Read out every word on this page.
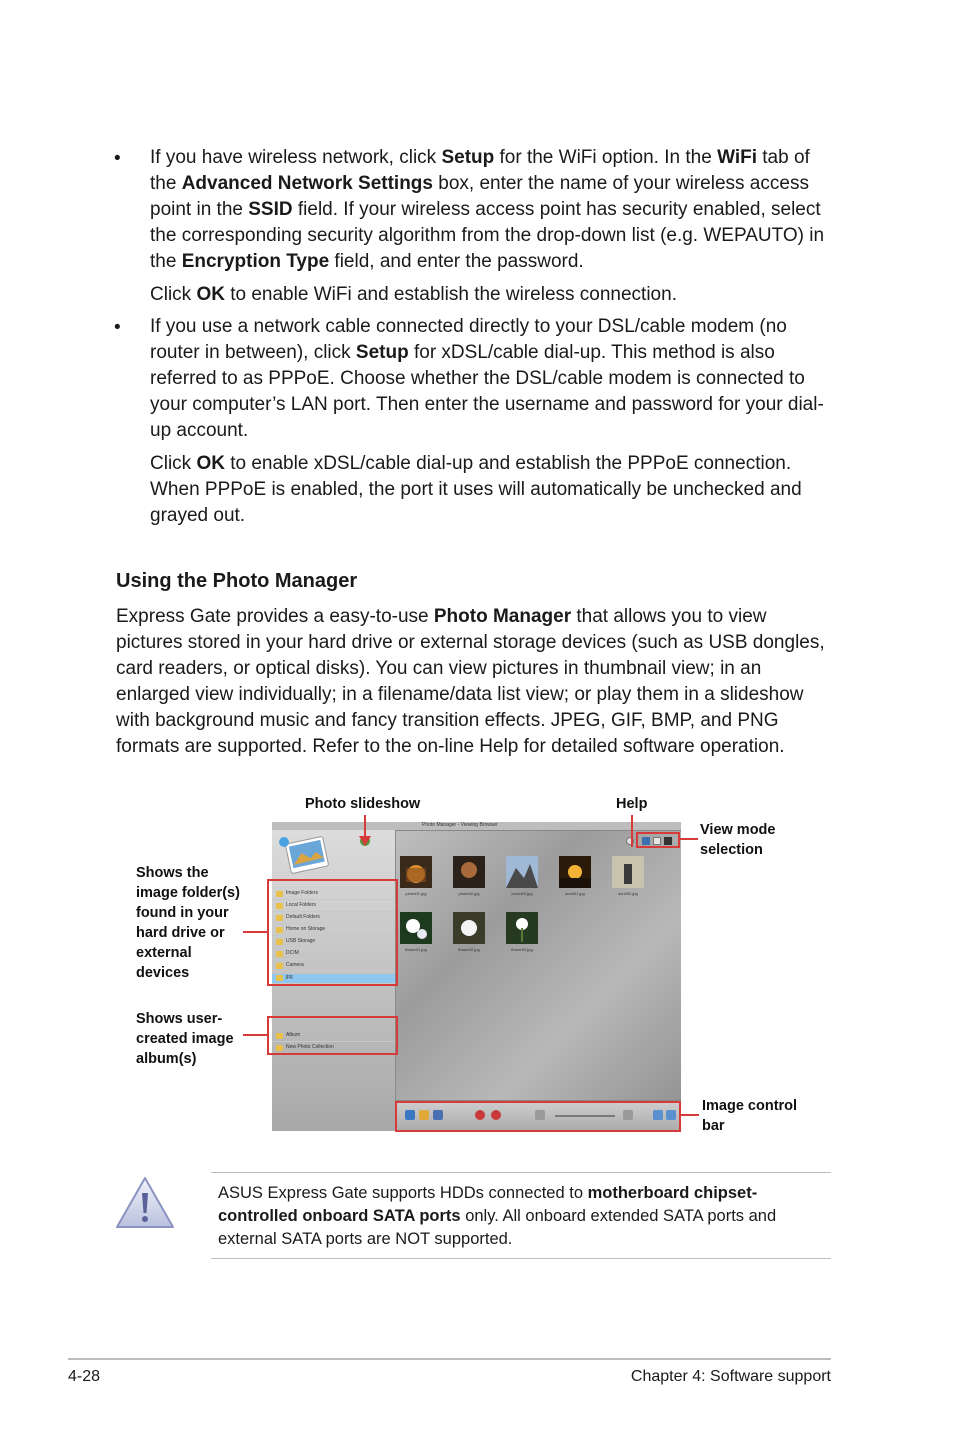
• If you have wireless network, click Setup for the WiFi option. In the WiFi tab of the Advanced Network Settings box, enter the name of your wireless access point in the SSID field. If your wireless access point has security enabled, select the corresponding security algorithm from the drop-down list (e.g. WEPAUTO) in the Encryption Type field, and enter the password.
Click OK to enable WiFi and establish the wireless connection.
• If you use a network cable connected directly to your DSL/cable modem (no router in between), click Setup for xDSL/cable dial-up. This method is also referred to as PPPoE. Choose whether the DSL/cable modem is connected to your computer’s LAN port. Then enter the username and password for your dial-up account.
Click OK to enable xDSL/cable dial-up and establish the PPPoE connection. When PPPoE is enabled, the port it uses will automatically be unchecked and grayed out.
Using the Photo Manager
Express Gate provides a easy-to-use Photo Manager that allows you to view pictures stored in your hard drive or external storage devices (such as USB dongles, card readers, or optical disks). You can view pictures in thumbnail view; in an enlarged view individually; in a filename/data list view; or play them in a slideshow with background music and fancy transition effects. JPEG, GIF, BMP, and PNG formats are supported. Refer to the on-line Help for detailed software operation.
Photo slideshow	Help
View mode selection
Shows the image folder(s) found in your hard drive or external devices
Shows user-created image album(s)
Image control bar
Photo Manager - Viewing Browser
Image Folders
Local Folders
Default Folders
Home on Storage
USB Storage
DCIM
Camera
jpg
Album
New Photo Collection
photo01.jpg	photo02.jpg	photo03.jpg	sun001.jpg	sun002.jpg
flower01.jpg	flower02.jpg	flower03.jpg
ASUS Express Gate supports HDDs connected to motherboard chipset-controlled onboard SATA ports only. All onboard extended SATA ports and external SATA ports are NOT supported.
4-28	Chapter 4: Software support
